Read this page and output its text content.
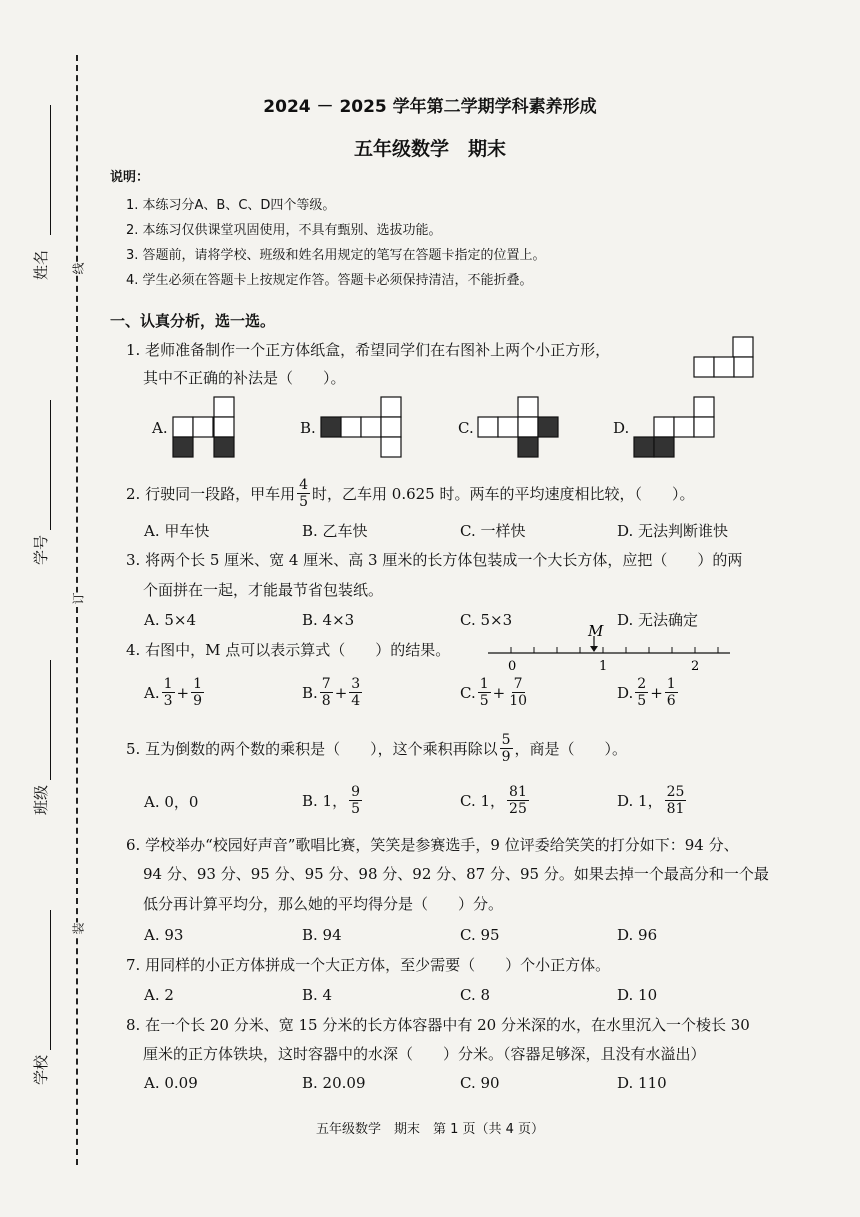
姓名
学号
班级
学校
线
订
装
2024 － 2025 学年第二学期学科素养形成
五年级数学　期末
说明：
1. 本练习分A、B、C、D四个等级。
2. 本练习仅供课堂巩固使用，不具有甄别、选拔功能。
3. 答题前，请将学校、班级和姓名用规定的笔写在答题卡指定的位置上。
4. 学生必须在答题卡上按规定作答。答题卡必须保持清洁，不能折叠。
一、认真分析，选一选。
1. 老师准备制作一个正方体纸盒，希望同学们在右图补上两个小正方形，
其中不正确的补法是（　　）。
A.	B.	C.	D.
2. 行驶同一段路，甲车用 $\frac{4}{5}$ 时，乙车用 0.625 时。两车的平均速度相比较，（　　）。
A. 甲车快	B. 乙车快	C. 一样快	D. 无法判断谁快
3. 将两个长 5 厘米、宽 4 厘米、高 3 厘米的长方体包装成一个大长方体，应把（　　）的两
个面拼在一起，才能最节省包装纸。
A. 5×4	B. 4×3	C. 5×3	D. 无法确定
4. 右图中，M 点可以表示算式（　　）的结果。
M
0	1	2
A. $\frac{1}{3} + \frac{1}{9}$	B. $\frac{7}{8} + \frac{3}{4}$	C. $\frac{1}{5} + \frac{7}{10}$	D. $\frac{2}{5} + \frac{1}{6}$
5. 互为倒数的两个数的乘积是（　　），这个乘积再除以 $\frac{5}{9}$ ，商是（　　）。
A. 0，0	B. 1， $\frac{9}{5}$	C. 1， $\frac{81}{25}$	D. 1， $\frac{25}{81}$
6. 学校举办“校园好声音”歌唱比赛，笑笑是参赛选手，9 位评委给笑笑的打分如下：94 分、
94 分、93 分、95 分、95 分、98 分、92 分、87 分、95 分。如果去掉一个最高分和一个最
低分再计算平均分，那么她的平均得分是（　　）分。
A. 93	B. 94	C. 95	D. 96
7. 用同样的小正方体拼成一个大正方体，至少需要（　　）个小正方体。
A. 2	B. 4	C. 8	D. 10
8. 在一个长 20 分米、宽 15 分米的长方体容器中有 20 分米深的水，在水里沉入一个棱长 30
厘米的正方体铁块，这时容器中的水深（　　）分米。（容器足够深，且没有水溢出）
A. 0.09	B. 20.09	C. 90	D. 110
五年级数学　期末　第 1 页（共 4 页）
